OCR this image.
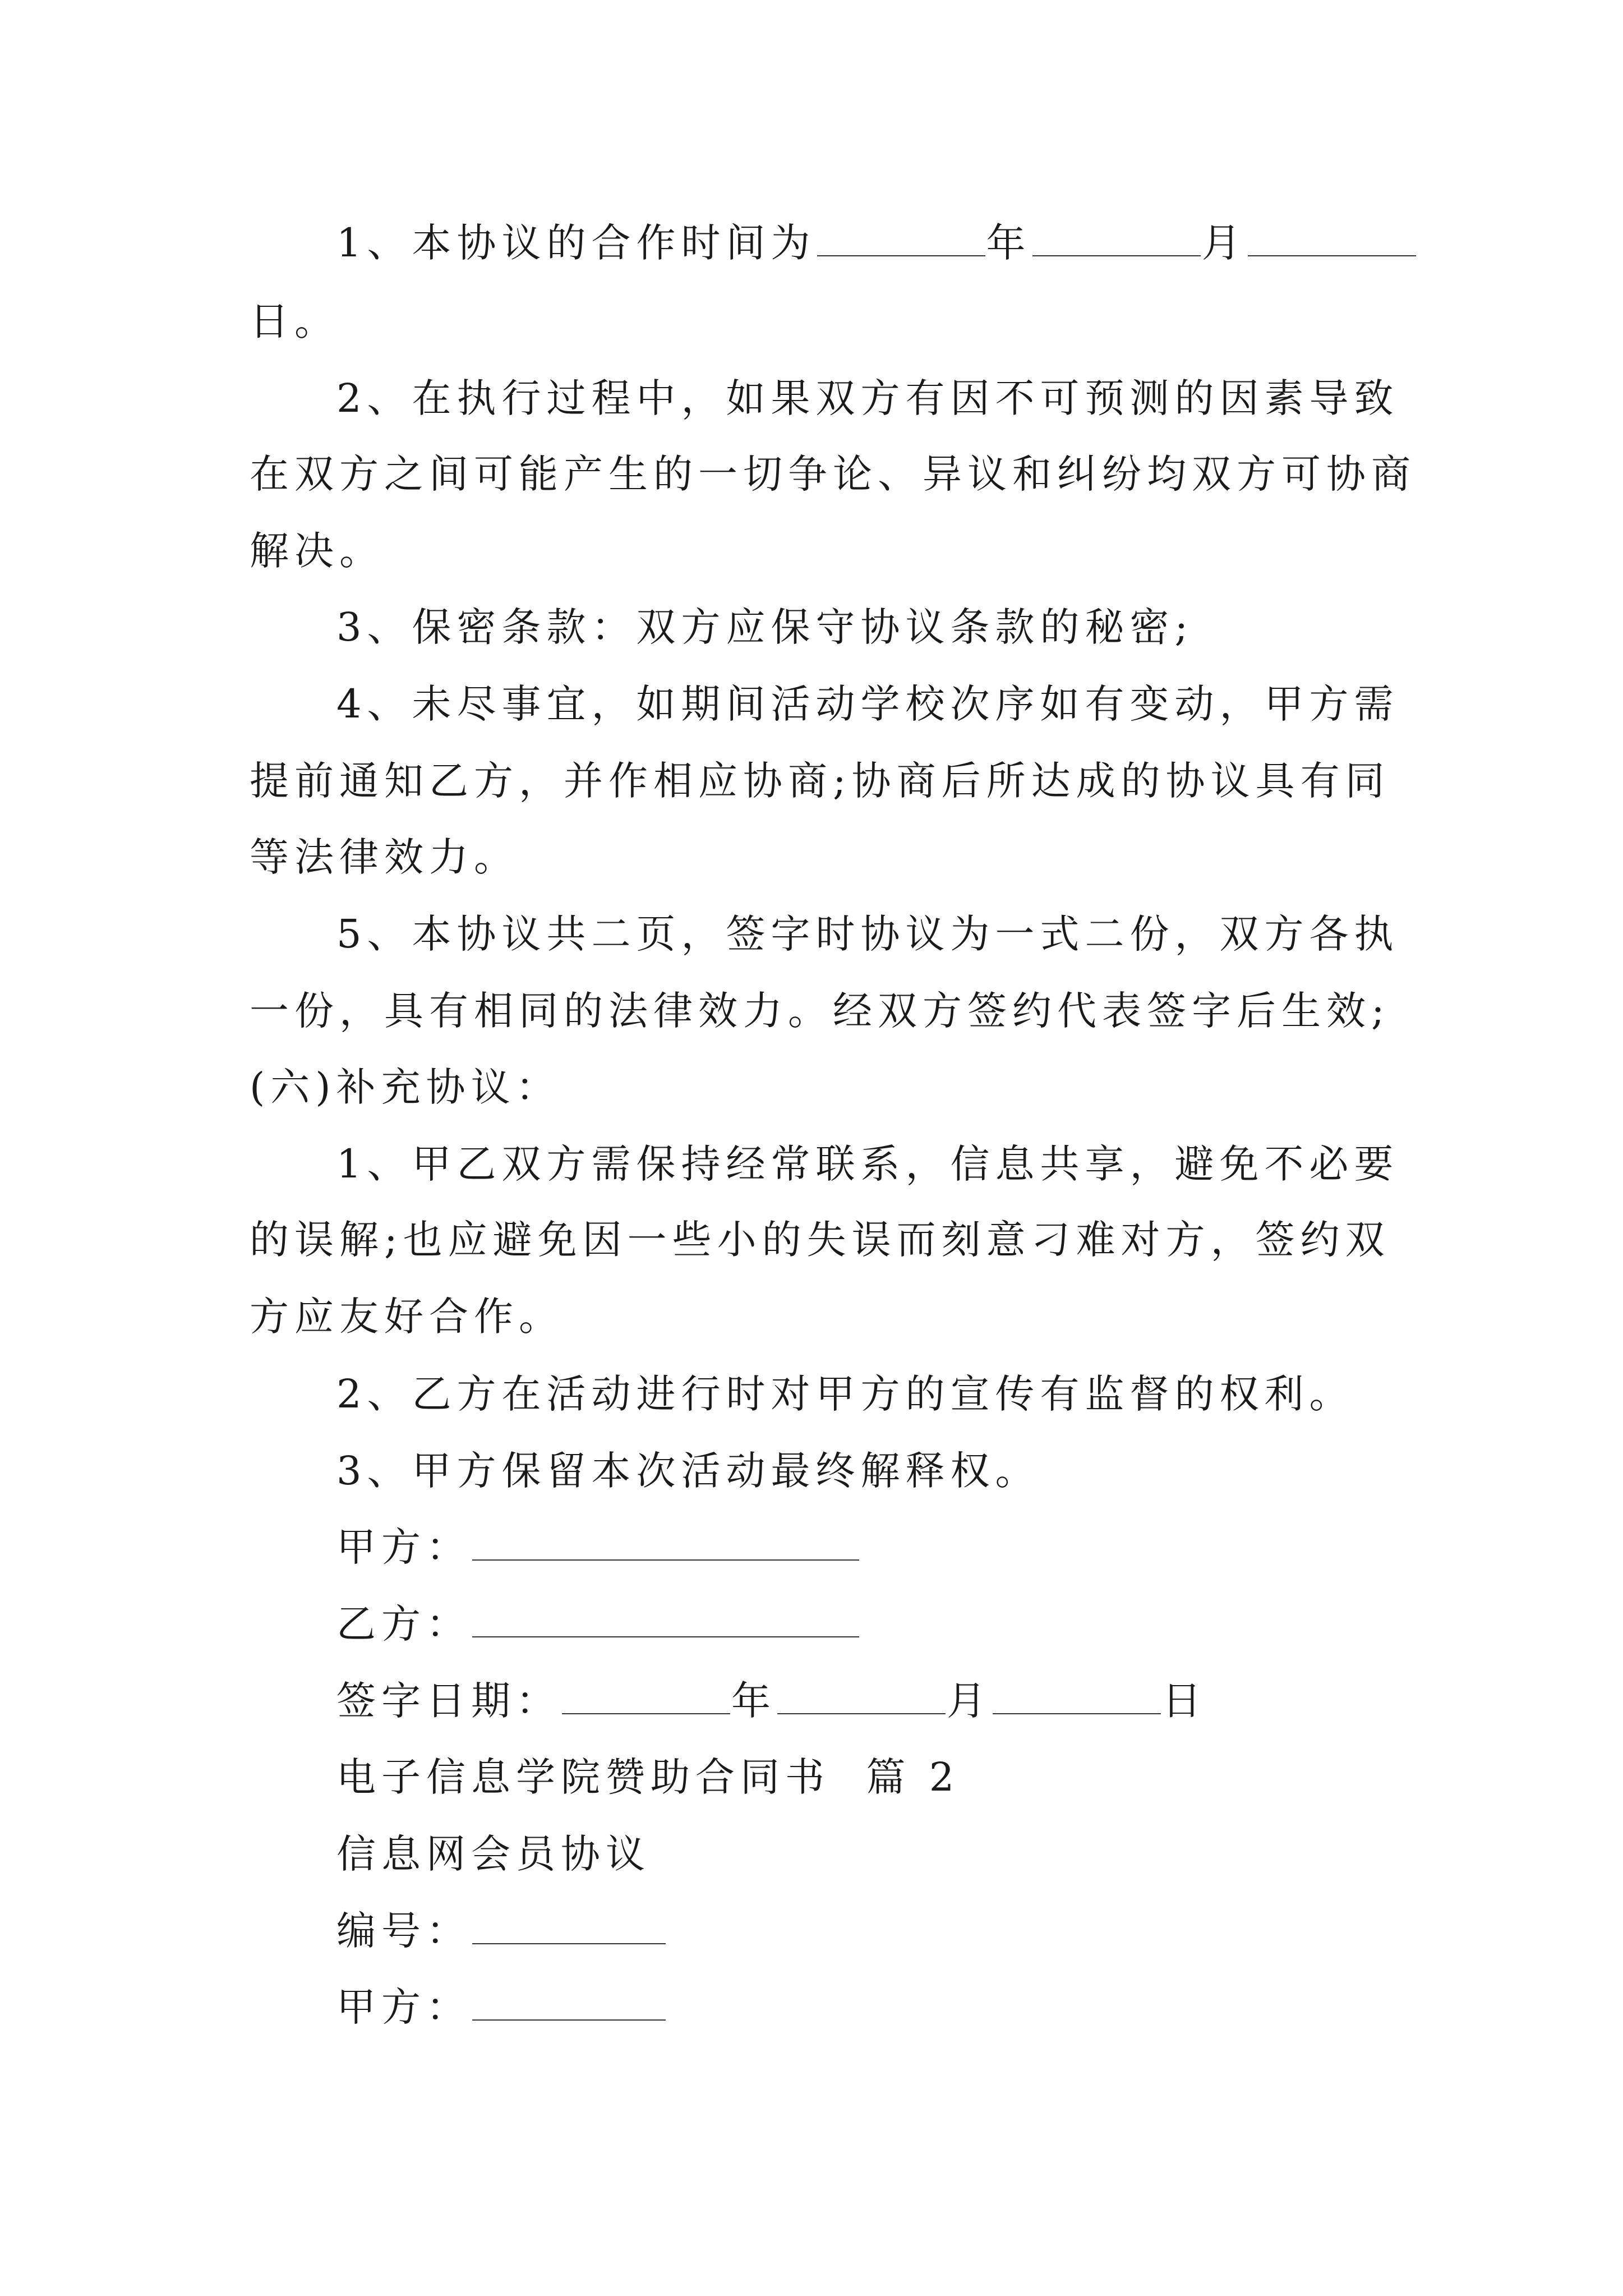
1、本协议的合作时间为	年	月
日。
2、在执行过程中，如果双方有因不可预测的因素导致
在双方之间可能产生的一切争论、异议和纠纷均双方可协商
解决。
3、保密条款：双方应保守协议条款的秘密;
4、未尽事宜，如期间活动学校次序如有变动，甲方需
提前通知乙方，并作相应协商;协商后所达成的协议具有同
等法律效力。
5、本协议共二页，签字时协议为一式二份，双方各执
一份，具有相同的法律效力。经双方签约代表签字后生效;
(六)补充协议：
1、甲乙双方需保持经常联系，信息共享，避免不必要
的误解;也应避免因一些小的失误而刻意刁难对方，签约双
方应友好合作。
2、乙方在活动进行时对甲方的宣传有监督的权利。
3、甲方保留本次活动最终解释权。
甲方：
乙方：
签字日期：	年	月	日
电子信息学院赞助合同书  篇 2
信息网会员协议
编号：
甲方：
